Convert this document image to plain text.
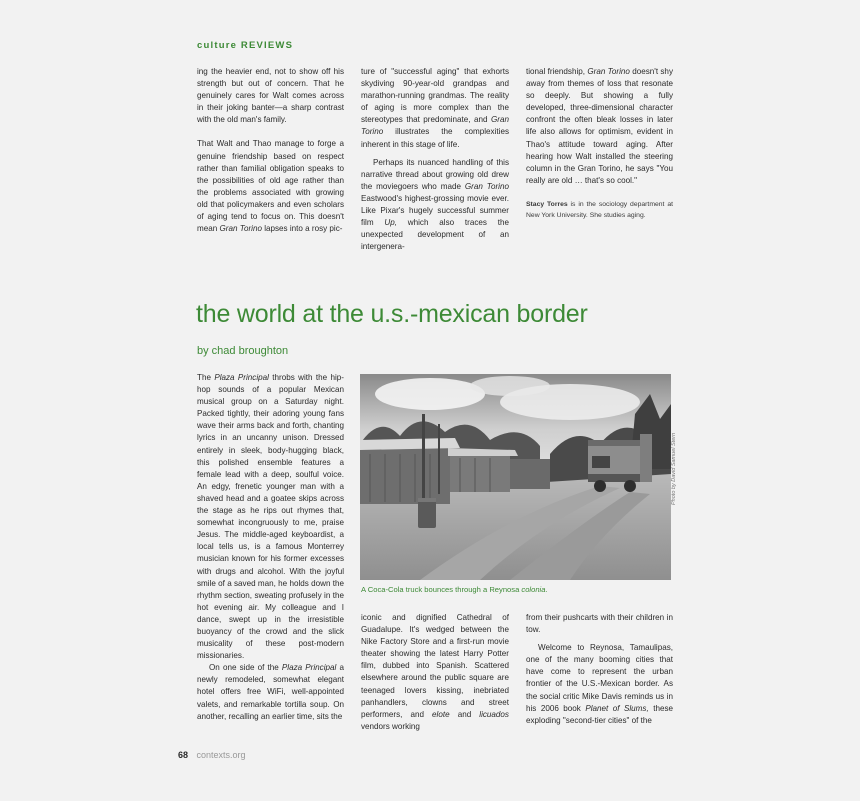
culture REVIEWS

ing the heavier end, not to show off his strength but out of concern. That he genuinely cares for Walt comes across in their joking banter—a sharp contrast with the old man's family.

That Walt and Thao manage to forge a genuine friendship based on respect rather than familial obligation speaks to the possibilities of old age rather than the problems associated with growing old that policymakers and even scholars of aging tend to focus on. This doesn't mean Gran Torino lapses into a rosy pic-

ture of "successful aging" that exhorts skydiving 90-year-old grandpas and marathon-running grandmas. The reality of aging is more complex than the stereotypes that predominate, and Gran Torino illustrates the complexities inherent in this stage of life.

Perhaps its nuanced handling of this narrative thread about growing old drew the moviegoers who made Gran Torino Eastwood's highest-grossing movie ever. Like Pixar's hugely successful summer film Up, which also traces the unexpected development of an intergenera-

tional friendship, Gran Torino doesn't shy away from themes of loss that resonate so deeply. But showing a fully developed, three-dimensional character confront the often bleak losses in later life also allows for optimism, evident in Thao's attitude toward aging. After hearing how Walt installed the steering column in the Gran Torino, he says "You really are old … that's so cool."

Stacy Torres is in the sociology department at New York University. She studies aging.

the world at the u.s.-mexican border
by chad broughton

The Plaza Principal throbs with the hip-hop sounds of a popular Mexican musical group on a Saturday night. Packed tightly, their adoring young fans wave their arms back and forth, chanting lyrics in an uncanny unison. Dressed entirely in sleek, body-hugging black, this polished ensemble features a female lead with a deep, soulful voice. An edgy, frenetic younger man with a shaved head and a goatee skips across the stage as he rips out rhymes that, somewhat incongruously to me, praise Jesus. The middle-aged keyboardist, a local tells us, is a famous Monterrey musician known for his former excesses with drugs and alcohol. With the joyful smile of a saved man, he holds down the rhythm section, sweating profusely in the hot evening air. My colleague and I dance, swept up in the irresistible buoyancy of the crowd and the slick musicality of these post-modern missionaries.

On one side of the Plaza Principal a newly remodeled, somewhat elegant hotel offers free WiFi, well-appointed valets, and remarkable tortilla soup. On another, recalling an earlier time, sits the

Photo by David Samuel Stern
A Coca-Cola truck bounces through a Reynosa colonia.

iconic and dignified Cathedral of Guadalupe. It's wedged between the Nike Factory Store and a first-run movie theater showing the latest Harry Potter film, dubbed into Spanish. Scattered elsewhere around the public square are teenaged lovers kissing, inebriated panhandlers, clowns and street performers, and elote and licuados vendors working

from their pushcarts with their children in tow.

Welcome to Reynosa, Tamaulipas, one of the many booming cities that have come to represent the urban frontier of the U.S.-Mexican border. As the social critic Mike Davis reminds us in his 2006 book Planet of Slums, these exploding "second-tier cities" of the

68 contexts.org
